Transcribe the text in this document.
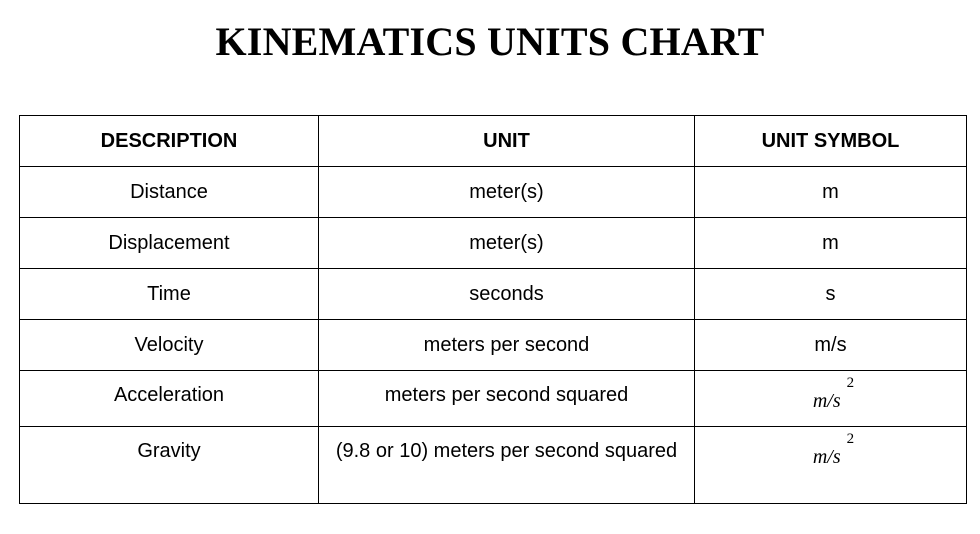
KINEMATICS UNITS CHART
DESCRIPTION	UNIT	UNIT SYMBOL
Distance	meter(s)	m
Displacement	meter(s)	m
Time	seconds	s
Velocity	meters per second	m/s
Acceleration	meters per second squared	$m/s^2$
Gravity	(9.8 or 10) meters per second squared	$m/s^2$
